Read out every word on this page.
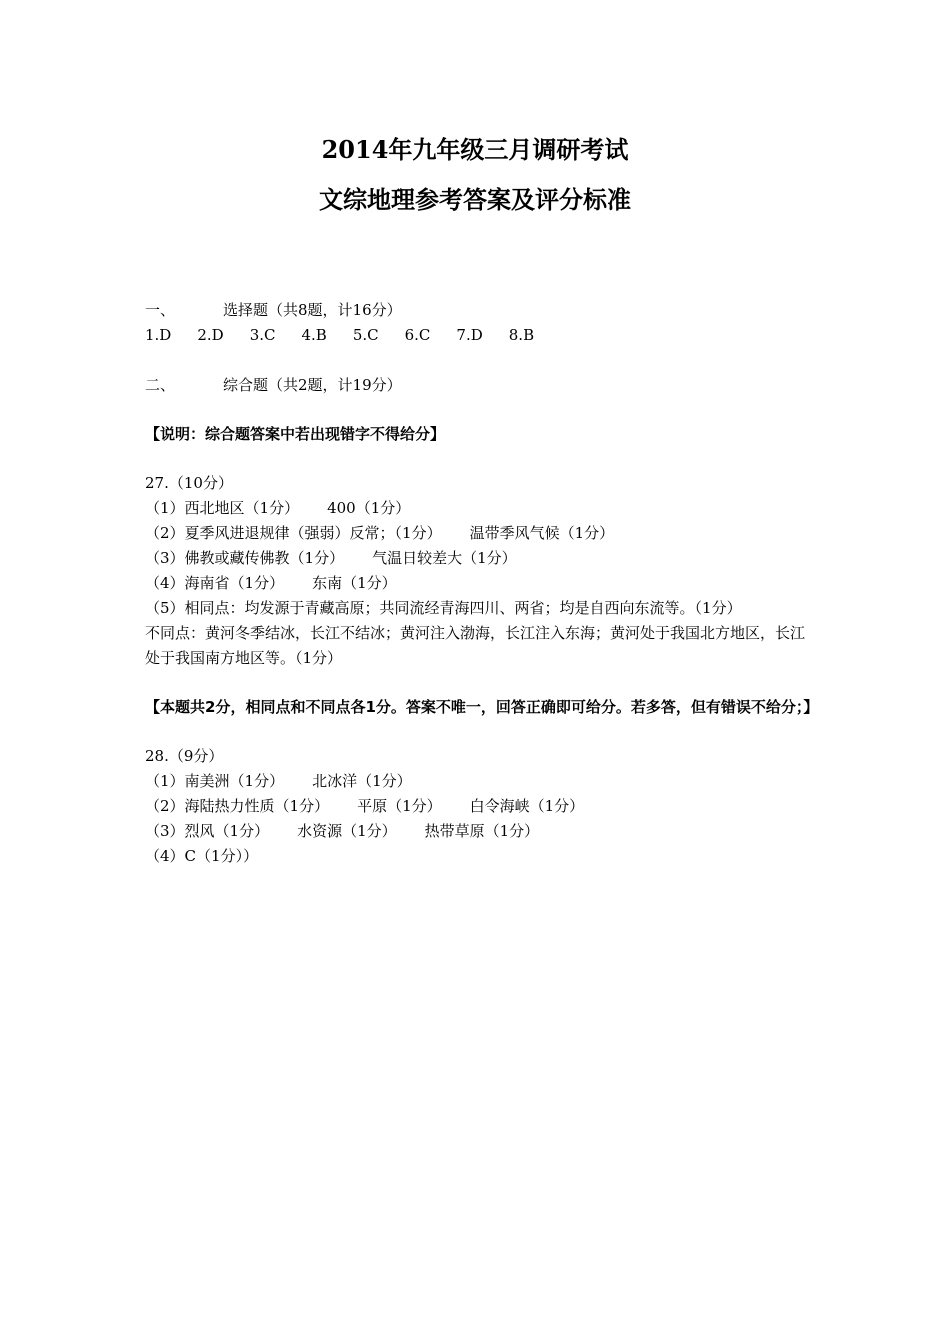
2014年九年级三月调研考试
文综地理参考答案及评分标准
一、	选择题（共8题，计16分）
1.D 2.D 3.C 4.B 5.C 6.C 7.D 8.B
二、	综合题（共2题，计19分）
【说明：综合题答案中若出现错字不得给分】
27.（10分）
（1）西北地区（1分） 400（1分）
（2）夏季风进退规律（强弱）反常；（1分） 温带季风气候（1分）
（3）佛教或藏传佛教（1分） 气温日较差大（1分）
（4）海南省（1分） 东南（1分）
（5）相同点：均发源于青藏高原；共同流经青海四川、两省；均是自西向东流等。（1分）
不同点：黄河冬季结冰，长江不结冰；黄河注入渤海，长江注入东海；黄河处于我国北方地区，长江处于我国南方地区等。（1分）
【本题共2分，相同点和不同点各1分。答案不唯一，回答正确即可给分。若多答，但有错误不给分；】
28.（9分）
（1）南美洲（1分） 北冰洋（1分）
（2）海陆热力性质（1分） 平原（1分） 白令海峡（1分）
（3）烈风（1分） 水资源（1分） 热带草原（1分）
（4）C（1分））
